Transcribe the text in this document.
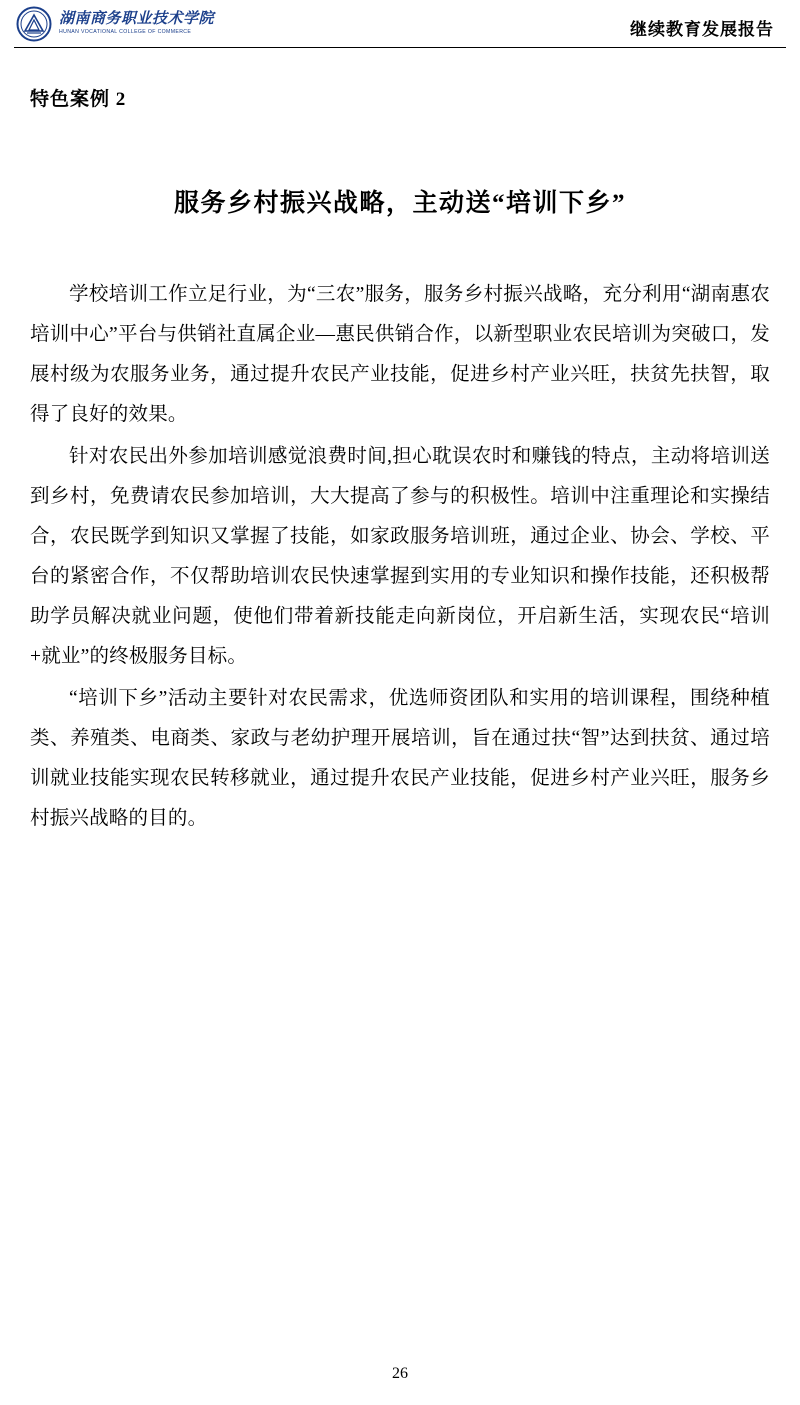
湖南商务职业技术学院
HUNAN VOCATIONAL COLLEGE OF COMMERCE	继续教育发展报告
特色案例 2
服务乡村振兴战略，主动送“培训下乡”

学校培训工作立足行业，为“三农”服务，服务乡村振兴战略，充分利用“湖南惠农培训中心”平台与供销社直属企业—惠民供销合作，以新型职业农民培训为突破口，发展村级为农服务业务，通过提升农民产业技能，促进乡村产业兴旺，扶贫先扶智，取得了良好的效果。

针对农民出外参加培训感觉浪费时间,担心耽误农时和赚钱的特点，主动将培训送到乡村，免费请农民参加培训，大大提高了参与的积极性。培训中注重理论和实操结合，农民既学到知识又掌握了技能，如家政服务培训班，通过企业、协会、学校、平台的紧密合作，不仅帮助培训农民快速掌握到实用的专业知识和操作技能，还积极帮助学员解决就业问题，使他们带着新技能走向新岗位，开启新生活，实现农民“培训+就业”的终极服务目标。

“培训下乡”活动主要针对农民需求，优选师资团队和实用的培训课程，围绕种植类、养殖类、电商类、家政与老幼护理开展培训，旨在通过扶“智”达到扶贫、通过培训就业技能实现农民转移就业，通过提升农民产业技能，促进乡村产业兴旺，服务乡村振兴战略的目的。

26
